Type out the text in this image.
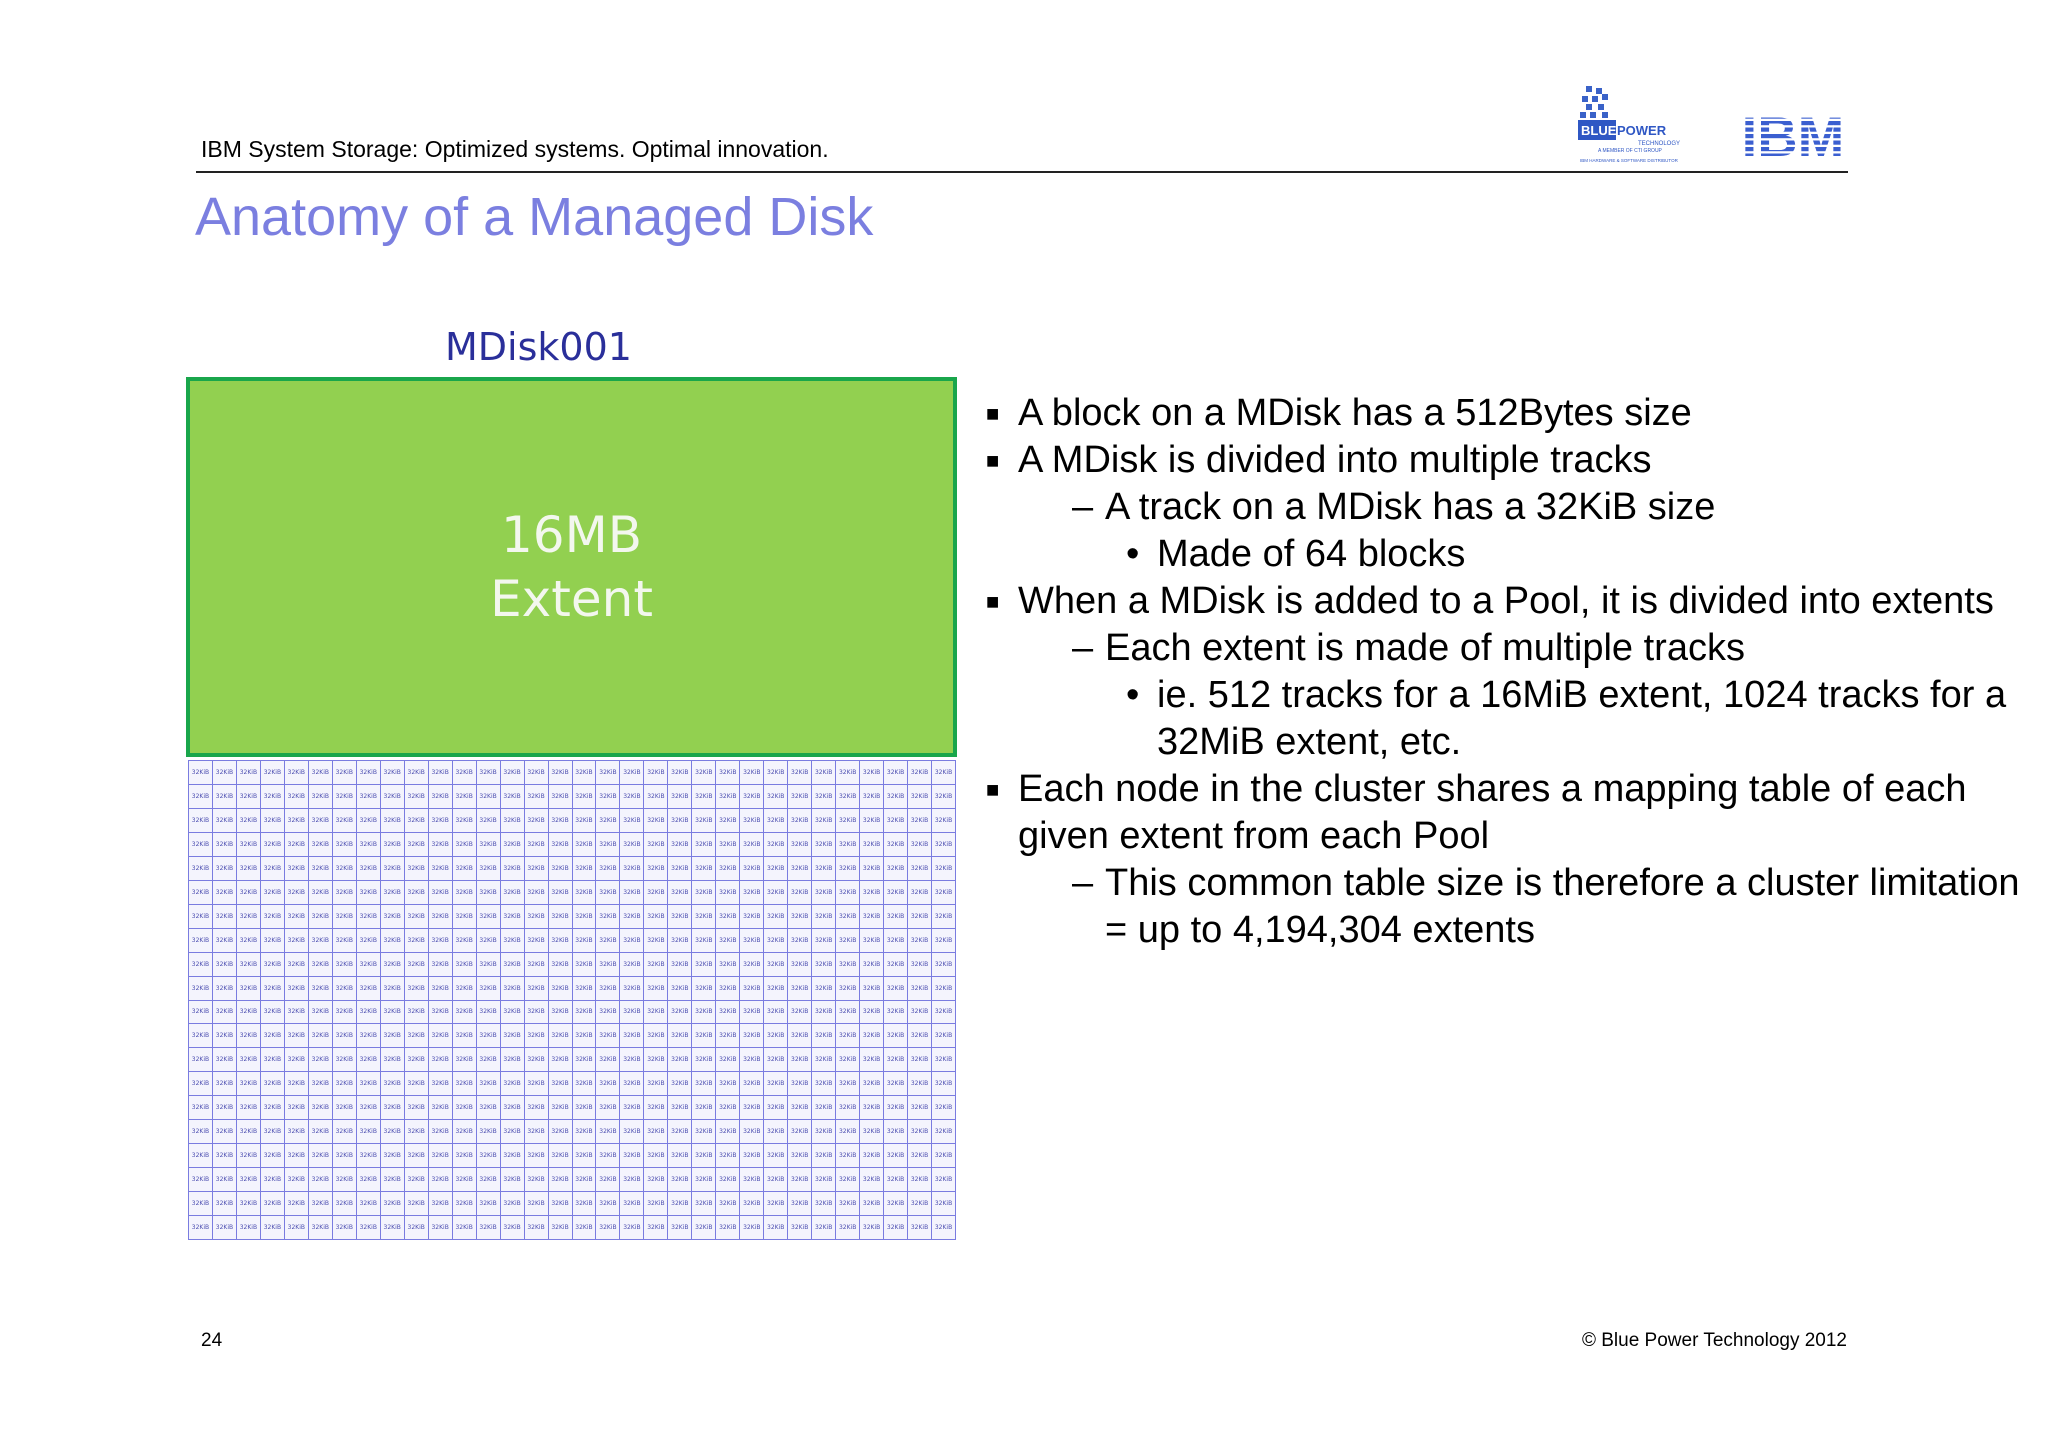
IBM System Storage: Optimized systems. Optimal innovation.
BLUE POWER
TECHNOLOGY
A MEMBER OF CTI GROUP
IBM HARDWARE & SOFTWARE DISTRIBUTOR
Anatomy of a Managed Disk
MDisk001
16MB
Extent
32KiB	32KiB	32KiB	32KiB	32KiB	32KiB	32KiB	32KiB	32KiB	32KiB	32KiB	32KiB	32KiB	32KiB	32KiB	32KiB	32KiB	32KiB	32KiB	32KiB	32KiB	32KiB	32KiB	32KiB	32KiB	32KiB	32KiB	32KiB	32KiB	32KiB	32KiB	32KiB
32KiB	32KiB	32KiB	32KiB	32KiB	32KiB	32KiB	32KiB	32KiB	32KiB	32KiB	32KiB	32KiB	32KiB	32KiB	32KiB	32KiB	32KiB	32KiB	32KiB	32KiB	32KiB	32KiB	32KiB	32KiB	32KiB	32KiB	32KiB	32KiB	32KiB	32KiB	32KiB
32KiB	32KiB	32KiB	32KiB	32KiB	32KiB	32KiB	32KiB	32KiB	32KiB	32KiB	32KiB	32KiB	32KiB	32KiB	32KiB	32KiB	32KiB	32KiB	32KiB	32KiB	32KiB	32KiB	32KiB	32KiB	32KiB	32KiB	32KiB	32KiB	32KiB	32KiB	32KiB
32KiB	32KiB	32KiB	32KiB	32KiB	32KiB	32KiB	32KiB	32KiB	32KiB	32KiB	32KiB	32KiB	32KiB	32KiB	32KiB	32KiB	32KiB	32KiB	32KiB	32KiB	32KiB	32KiB	32KiB	32KiB	32KiB	32KiB	32KiB	32KiB	32KiB	32KiB	32KiB
32KiB	32KiB	32KiB	32KiB	32KiB	32KiB	32KiB	32KiB	32KiB	32KiB	32KiB	32KiB	32KiB	32KiB	32KiB	32KiB	32KiB	32KiB	32KiB	32KiB	32KiB	32KiB	32KiB	32KiB	32KiB	32KiB	32KiB	32KiB	32KiB	32KiB	32KiB	32KiB
32KiB	32KiB	32KiB	32KiB	32KiB	32KiB	32KiB	32KiB	32KiB	32KiB	32KiB	32KiB	32KiB	32KiB	32KiB	32KiB	32KiB	32KiB	32KiB	32KiB	32KiB	32KiB	32KiB	32KiB	32KiB	32KiB	32KiB	32KiB	32KiB	32KiB	32KiB	32KiB
32KiB	32KiB	32KiB	32KiB	32KiB	32KiB	32KiB	32KiB	32KiB	32KiB	32KiB	32KiB	32KiB	32KiB	32KiB	32KiB	32KiB	32KiB	32KiB	32KiB	32KiB	32KiB	32KiB	32KiB	32KiB	32KiB	32KiB	32KiB	32KiB	32KiB	32KiB	32KiB
32KiB	32KiB	32KiB	32KiB	32KiB	32KiB	32KiB	32KiB	32KiB	32KiB	32KiB	32KiB	32KiB	32KiB	32KiB	32KiB	32KiB	32KiB	32KiB	32KiB	32KiB	32KiB	32KiB	32KiB	32KiB	32KiB	32KiB	32KiB	32KiB	32KiB	32KiB	32KiB
32KiB	32KiB	32KiB	32KiB	32KiB	32KiB	32KiB	32KiB	32KiB	32KiB	32KiB	32KiB	32KiB	32KiB	32KiB	32KiB	32KiB	32KiB	32KiB	32KiB	32KiB	32KiB	32KiB	32KiB	32KiB	32KiB	32KiB	32KiB	32KiB	32KiB	32KiB	32KiB
32KiB	32KiB	32KiB	32KiB	32KiB	32KiB	32KiB	32KiB	32KiB	32KiB	32KiB	32KiB	32KiB	32KiB	32KiB	32KiB	32KiB	32KiB	32KiB	32KiB	32KiB	32KiB	32KiB	32KiB	32KiB	32KiB	32KiB	32KiB	32KiB	32KiB	32KiB	32KiB
32KiB	32KiB	32KiB	32KiB	32KiB	32KiB	32KiB	32KiB	32KiB	32KiB	32KiB	32KiB	32KiB	32KiB	32KiB	32KiB	32KiB	32KiB	32KiB	32KiB	32KiB	32KiB	32KiB	32KiB	32KiB	32KiB	32KiB	32KiB	32KiB	32KiB	32KiB	32KiB
32KiB	32KiB	32KiB	32KiB	32KiB	32KiB	32KiB	32KiB	32KiB	32KiB	32KiB	32KiB	32KiB	32KiB	32KiB	32KiB	32KiB	32KiB	32KiB	32KiB	32KiB	32KiB	32KiB	32KiB	32KiB	32KiB	32KiB	32KiB	32KiB	32KiB	32KiB	32KiB
32KiB	32KiB	32KiB	32KiB	32KiB	32KiB	32KiB	32KiB	32KiB	32KiB	32KiB	32KiB	32KiB	32KiB	32KiB	32KiB	32KiB	32KiB	32KiB	32KiB	32KiB	32KiB	32KiB	32KiB	32KiB	32KiB	32KiB	32KiB	32KiB	32KiB	32KiB	32KiB
32KiB	32KiB	32KiB	32KiB	32KiB	32KiB	32KiB	32KiB	32KiB	32KiB	32KiB	32KiB	32KiB	32KiB	32KiB	32KiB	32KiB	32KiB	32KiB	32KiB	32KiB	32KiB	32KiB	32KiB	32KiB	32KiB	32KiB	32KiB	32KiB	32KiB	32KiB	32KiB
32KiB	32KiB	32KiB	32KiB	32KiB	32KiB	32KiB	32KiB	32KiB	32KiB	32KiB	32KiB	32KiB	32KiB	32KiB	32KiB	32KiB	32KiB	32KiB	32KiB	32KiB	32KiB	32KiB	32KiB	32KiB	32KiB	32KiB	32KiB	32KiB	32KiB	32KiB	32KiB
32KiB	32KiB	32KiB	32KiB	32KiB	32KiB	32KiB	32KiB	32KiB	32KiB	32KiB	32KiB	32KiB	32KiB	32KiB	32KiB	32KiB	32KiB	32KiB	32KiB	32KiB	32KiB	32KiB	32KiB	32KiB	32KiB	32KiB	32KiB	32KiB	32KiB	32KiB	32KiB
32KiB	32KiB	32KiB	32KiB	32KiB	32KiB	32KiB	32KiB	32KiB	32KiB	32KiB	32KiB	32KiB	32KiB	32KiB	32KiB	32KiB	32KiB	32KiB	32KiB	32KiB	32KiB	32KiB	32KiB	32KiB	32KiB	32KiB	32KiB	32KiB	32KiB	32KiB	32KiB
32KiB	32KiB	32KiB	32KiB	32KiB	32KiB	32KiB	32KiB	32KiB	32KiB	32KiB	32KiB	32KiB	32KiB	32KiB	32KiB	32KiB	32KiB	32KiB	32KiB	32KiB	32KiB	32KiB	32KiB	32KiB	32KiB	32KiB	32KiB	32KiB	32KiB	32KiB	32KiB
32KiB	32KiB	32KiB	32KiB	32KiB	32KiB	32KiB	32KiB	32KiB	32KiB	32KiB	32KiB	32KiB	32KiB	32KiB	32KiB	32KiB	32KiB	32KiB	32KiB	32KiB	32KiB	32KiB	32KiB	32KiB	32KiB	32KiB	32KiB	32KiB	32KiB	32KiB	32KiB
32KiB	32KiB	32KiB	32KiB	32KiB	32KiB	32KiB	32KiB	32KiB	32KiB	32KiB	32KiB	32KiB	32KiB	32KiB	32KiB	32KiB	32KiB	32KiB	32KiB	32KiB	32KiB	32KiB	32KiB	32KiB	32KiB	32KiB	32KiB	32KiB	32KiB	32KiB	32KiB
■ A block on a MDisk has a 512Bytes size
■ A MDisk is divided into multiple tracks
– A track on a MDisk has a 32KiB size
• Made of 64 blocks
■ When a MDisk is added to a Pool, it is divided into extents
– Each extent is made of multiple tracks
• ie. 512 tracks for a 16MiB extent, 1024 tracks for a 32MiB extent, etc.
■ Each node in the cluster shares a mapping table of each given extent from each Pool
– This common table size is therefore a cluster limitation = up to 4,194,304 extents
24	© Blue Power Technology 2012
